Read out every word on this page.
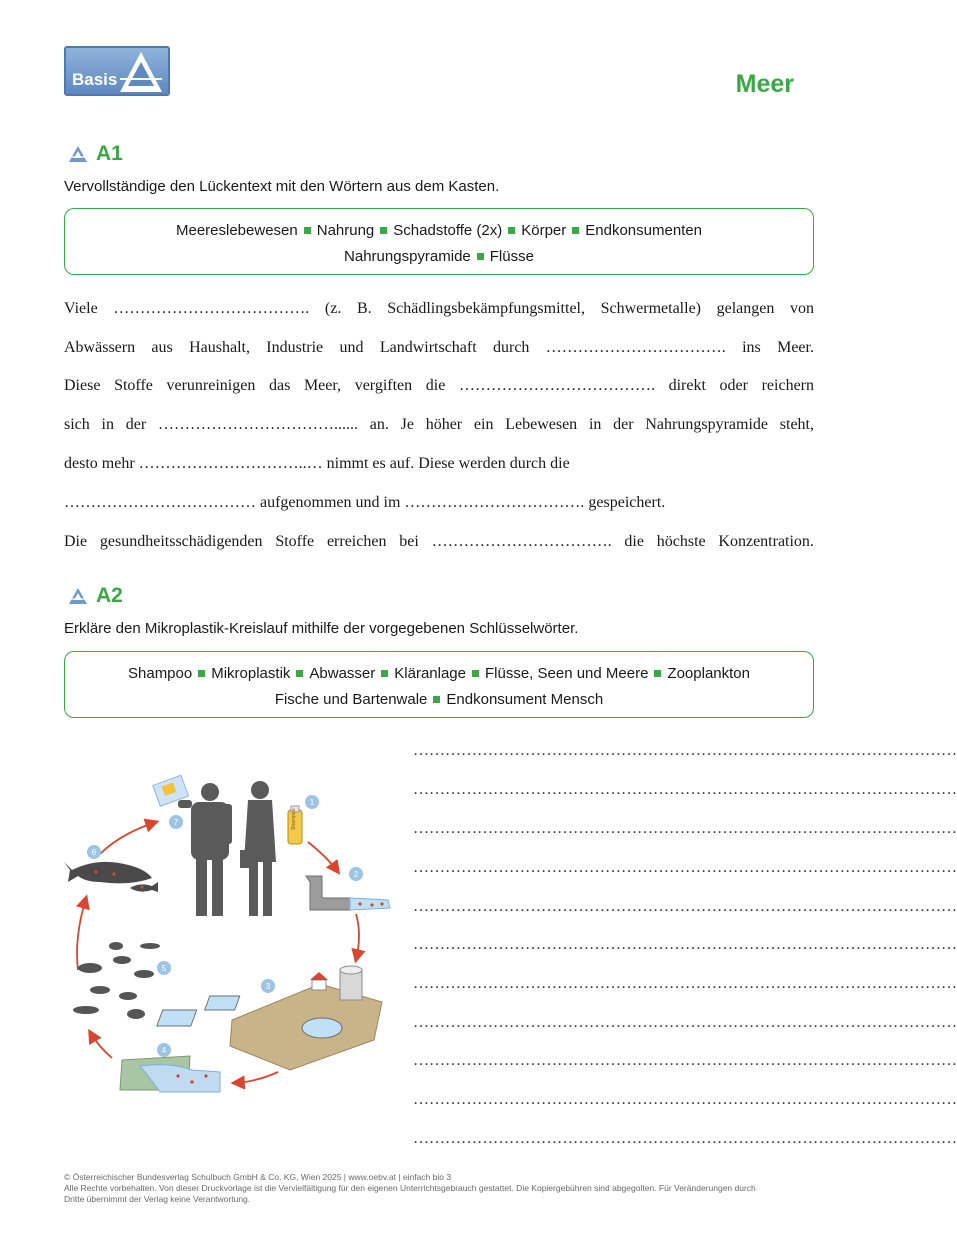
Basis	Meer
A1
Vervollständige den Lückentext mit den Wörtern aus dem Kasten.
Meereslebewesen Nahrung Schadstoffe (2x) Körper Endkonsumenten
Nahrungspyramide Flüsse
Viele ………………………………. (z. B. Schädlingsbekämpfungsmittel, Schwermetalle) gelangen von
Abwässern aus Haushalt, Industrie und Landwirtschaft durch ……………………………. ins Meer.
Diese Stoffe verunreinigen das Meer, vergiften die ………………………………. direkt oder reichern
sich in der ……………………………...... an. Je höher ein Lebewesen in der Nahrungspyramide steht,
desto mehr …………………………..… nimmt es auf. Diese werden durch die
……………………………… aufgenommen und im ……………………………. gespeichert.
Die gesundheitsschädigenden Stoffe erreichen bei ……………………………. die höchste Konzentration.
A2
Erkläre den Mikroplastik-Kreislauf mithilfe der vorgegebenen Schlüsselwörter.
Shampoo Mikroplastik Abwasser Kläranlage Flüsse, Seen und Meere Zooplankton
Fische und Bartenwale Endkonsument Mensch
…………………………………………………………………………………………
…………………………………………………………………………………………
…………………………………………………………………………………………
…………………………………………………………………………………………
…………………………………………………………………………………………
…………………………………………………………………………………………
…………………………………………………………………………………………
…………………………………………………………………………………………
…………………………………………………………………………………………
…………………………………………………………………………………………
…………………………………………………………………………………………
1
2
3
4
5
6
7	Shampoo
© Österreichischer Bundesverlag Schulbuch GmbH & Co. KG, Wien 2025 | www.oebv.at | einfach bio 3
Alle Rechte vorbehalten. Von dieser Druckvorlage ist die Vervielfältigung für den eigenen Unterrichtsgebrauch gestattet. Die Kopiergebühren sind abgegolten. Für Veränderungen durch
Dritte übernimmt der Verlag keine Verantwortung.
